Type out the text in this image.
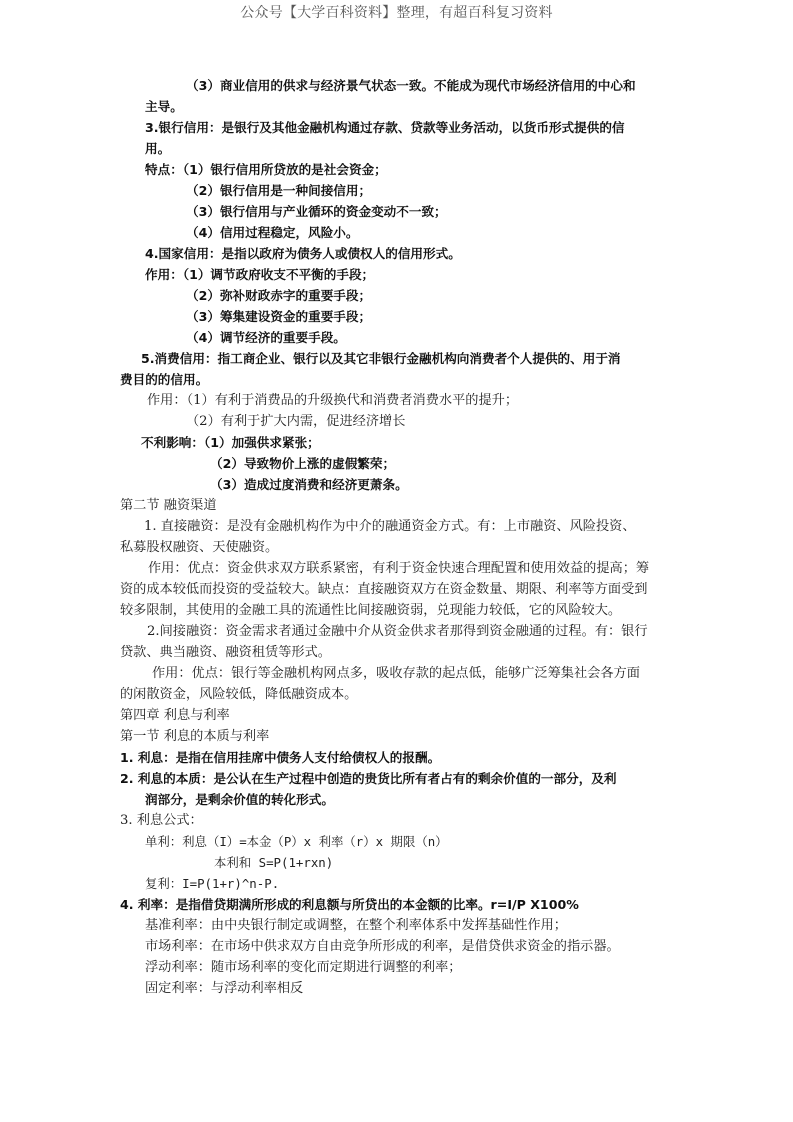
公众号【大学百科资料】整理，有超百科复习资料
（3）商业信用的供求与经济景气状态一致。不能成为现代市场经济信用的中心和
主导。
3.银行信用：是银行及其他金融机构通过存款、贷款等业务活动，以货币形式提供的信
用。
特点：（1）银行信用所贷放的是社会资金；
（2）银行信用是一种间接信用；
（3）银行信用与产业循环的资金变动不一致；
（4）信用过程稳定，风险小。
4.国家信用：是指以政府为债务人或债权人的信用形式。
作用：（1）调节政府收支不平衡的手段；
（2）弥补财政赤字的重要手段；
（3）筹集建设资金的重要手段；
（4）调节经济的重要手段。
5.消费信用：指工商企业、银行以及其它非银行金融机构向消费者个人提供的、用于消
费目的的信用。
作用：（1）有利于消费品的升级换代和消费者消费水平的提升；
（2）有利于扩大内需，促进经济增长
不利影响：（1）加强供求紧张；
（2）导致物价上涨的虚假繁荣；
（3）造成过度消费和经济更萧条。
第二节 融资渠道
1. 直接融资：是没有金融机构作为中介的融通资金方式。有：上市融资、风险投资、
私募股权融资、天使融资。
作用：优点：资金供求双方联系紧密，有利于资金快速合理配置和使用效益的提高；筹
资的成本较低而投资的受益较大。缺点：直接融资双方在资金数量、期限、利率等方面受到
较多限制，其使用的金融工具的流通性比间接融资弱，兑现能力较低，它的风险较大。
2.间接融资：资金需求者通过金融中介从资金供求者那得到资金融通的过程。有：银行
贷款、典当融资、融资租赁等形式。
作用：优点：银行等金融机构网点多，吸收存款的起点低，能够广泛筹集社会各方面
的闲散资金，风险较低，降低融资成本。
第四章 利息与利率
第一节 利息的本质与利率
1. 利息：是指在信用挂席中债务人支付给债权人的报酬。
2. 利息的本质：是公认在生产过程中创造的贵货比所有者占有的剩余价值的一部分，及利
润部分，是剩余价值的转化形式。
3. 利息公式：
单利：利息（I）=本金（P）x 利率（r）x 期限（n）
本利和 S=P(1+rxn)
复利：I=P(1+r)^n-P.
4. 利率：是指借贷期满所形成的利息额与所贷出的本金额的比率。r=I/P X100%
基准利率：由中央银行制定或调整，在整个利率体系中发挥基础性作用；
市场利率：在市场中供求双方自由竞争所形成的利率，是借贷供求资金的指示器。
浮动利率：随市场利率的变化而定期进行调整的利率；
固定利率：与浮动利率相反
